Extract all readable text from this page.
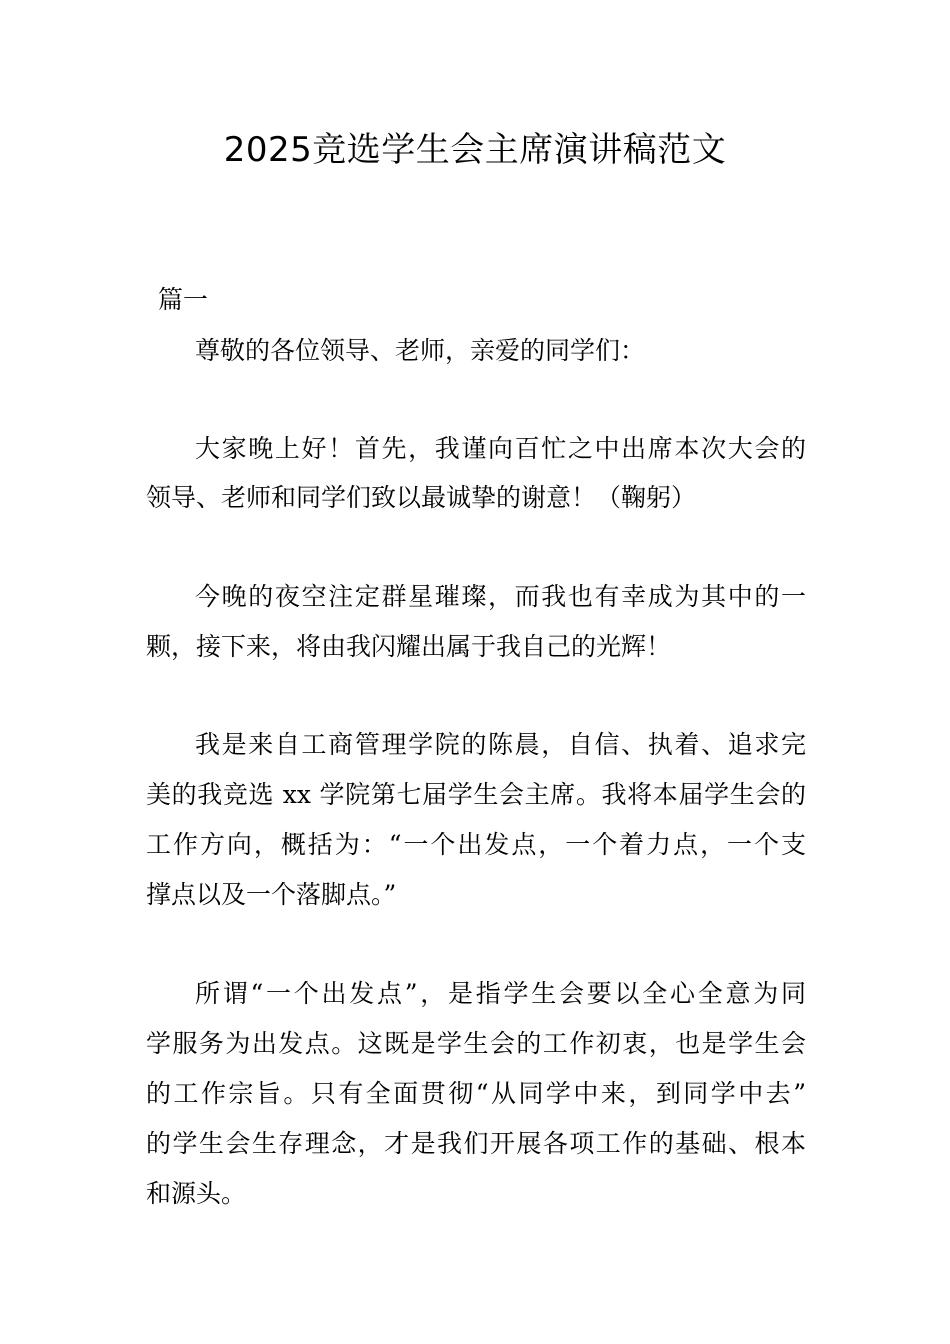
2025竞选学生会主席演讲稿范文
篇一
尊敬的各位领导、老师，亲爱的同学们：
大家晚上好！首先，我谨向百忙之中出席本次大会的
领导、老师和同学们致以最诚挚的谢意！（鞠躬）
今晚的夜空注定群星璀璨，而我也有幸成为其中的一
颗，接下来，将由我闪耀出属于我自己的光辉！
我是来自工商管理学院的陈晨，自信、执着、追求完
美的我竞选 xx 学院第七届学生会主席。我将本届学生会的
工作方向，概括为：“一个出发点，一个着力点，一个支
撑点以及一个落脚点。”
所谓“一个出发点”，是指学生会要以全心全意为同
学服务为出发点。这既是学生会的工作初衷，也是学生会
的工作宗旨。只有全面贯彻“从同学中来，到同学中去”
的学生会生存理念，才是我们开展各项工作的基础、根本
和源头。
